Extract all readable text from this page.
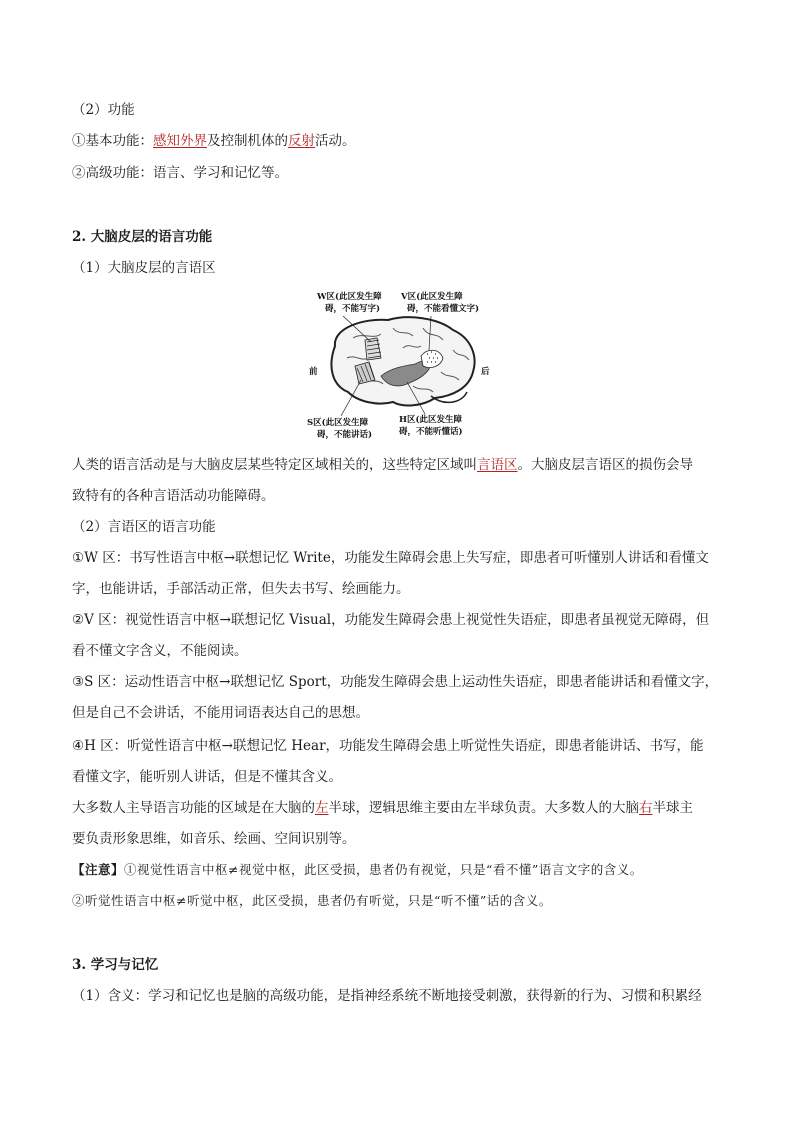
（2）功能
①基本功能：感知外界及控制机体的反射活动。
②高级功能：语言、学习和记忆等。
2. 大脑皮层的语言功能
（1）大脑皮层的言语区
W区(此区发生障
碍，不能写字)
V区(此区发生障
碍，不能看懂文字)
前	后
S区(此区发生障
碍，不能讲话)
H区(此区发生障
碍，不能听懂话)
人类的语言活动是与大脑皮层某些特定区域相关的，这些特定区域叫言语区。大脑皮层言语区的损伤会导
致特有的各种言语活动功能障碍。
（2）言语区的语言功能
①W 区：书写性语言中枢→联想记忆 Write，功能发生障碍会患上失写症，即患者可听懂别人讲话和看懂文
字，也能讲话，手部活动正常，但失去书写、绘画能力。
②V 区：视觉性语言中枢→联想记忆 Visual，功能发生障碍会患上视觉性失语症，即患者虽视觉无障碍，但
看不懂文字含义，不能阅读。
③S 区：运动性语言中枢→联想记忆 Sport，功能发生障碍会患上运动性失语症，即患者能讲话和看懂文字，
但是自己不会讲话，不能用词语表达自己的思想。
④H 区：听觉性语言中枢→联想记忆 Hear，功能发生障碍会患上听觉性失语症，即患者能讲话、书写，能
看懂文字，能听别人讲话，但是不懂其含义。
大多数人主导语言功能的区域是在大脑的左半球，逻辑思维主要由左半球负责。大多数人的大脑右半球主
要负责形象思维，如音乐、绘画、空间识别等。
【注意】①视觉性语言中枢≠视觉中枢，此区受损，患者仍有视觉，只是“看不懂”语言文字的含义。
②听觉性语言中枢≠听觉中枢，此区受损，患者仍有听觉，只是“听不懂”话的含义。
3. 学习与记忆
（1）含义：学习和记忆也是脑的高级功能，是指神经系统不断地接受刺激，获得新的行为、习惯和积累经
